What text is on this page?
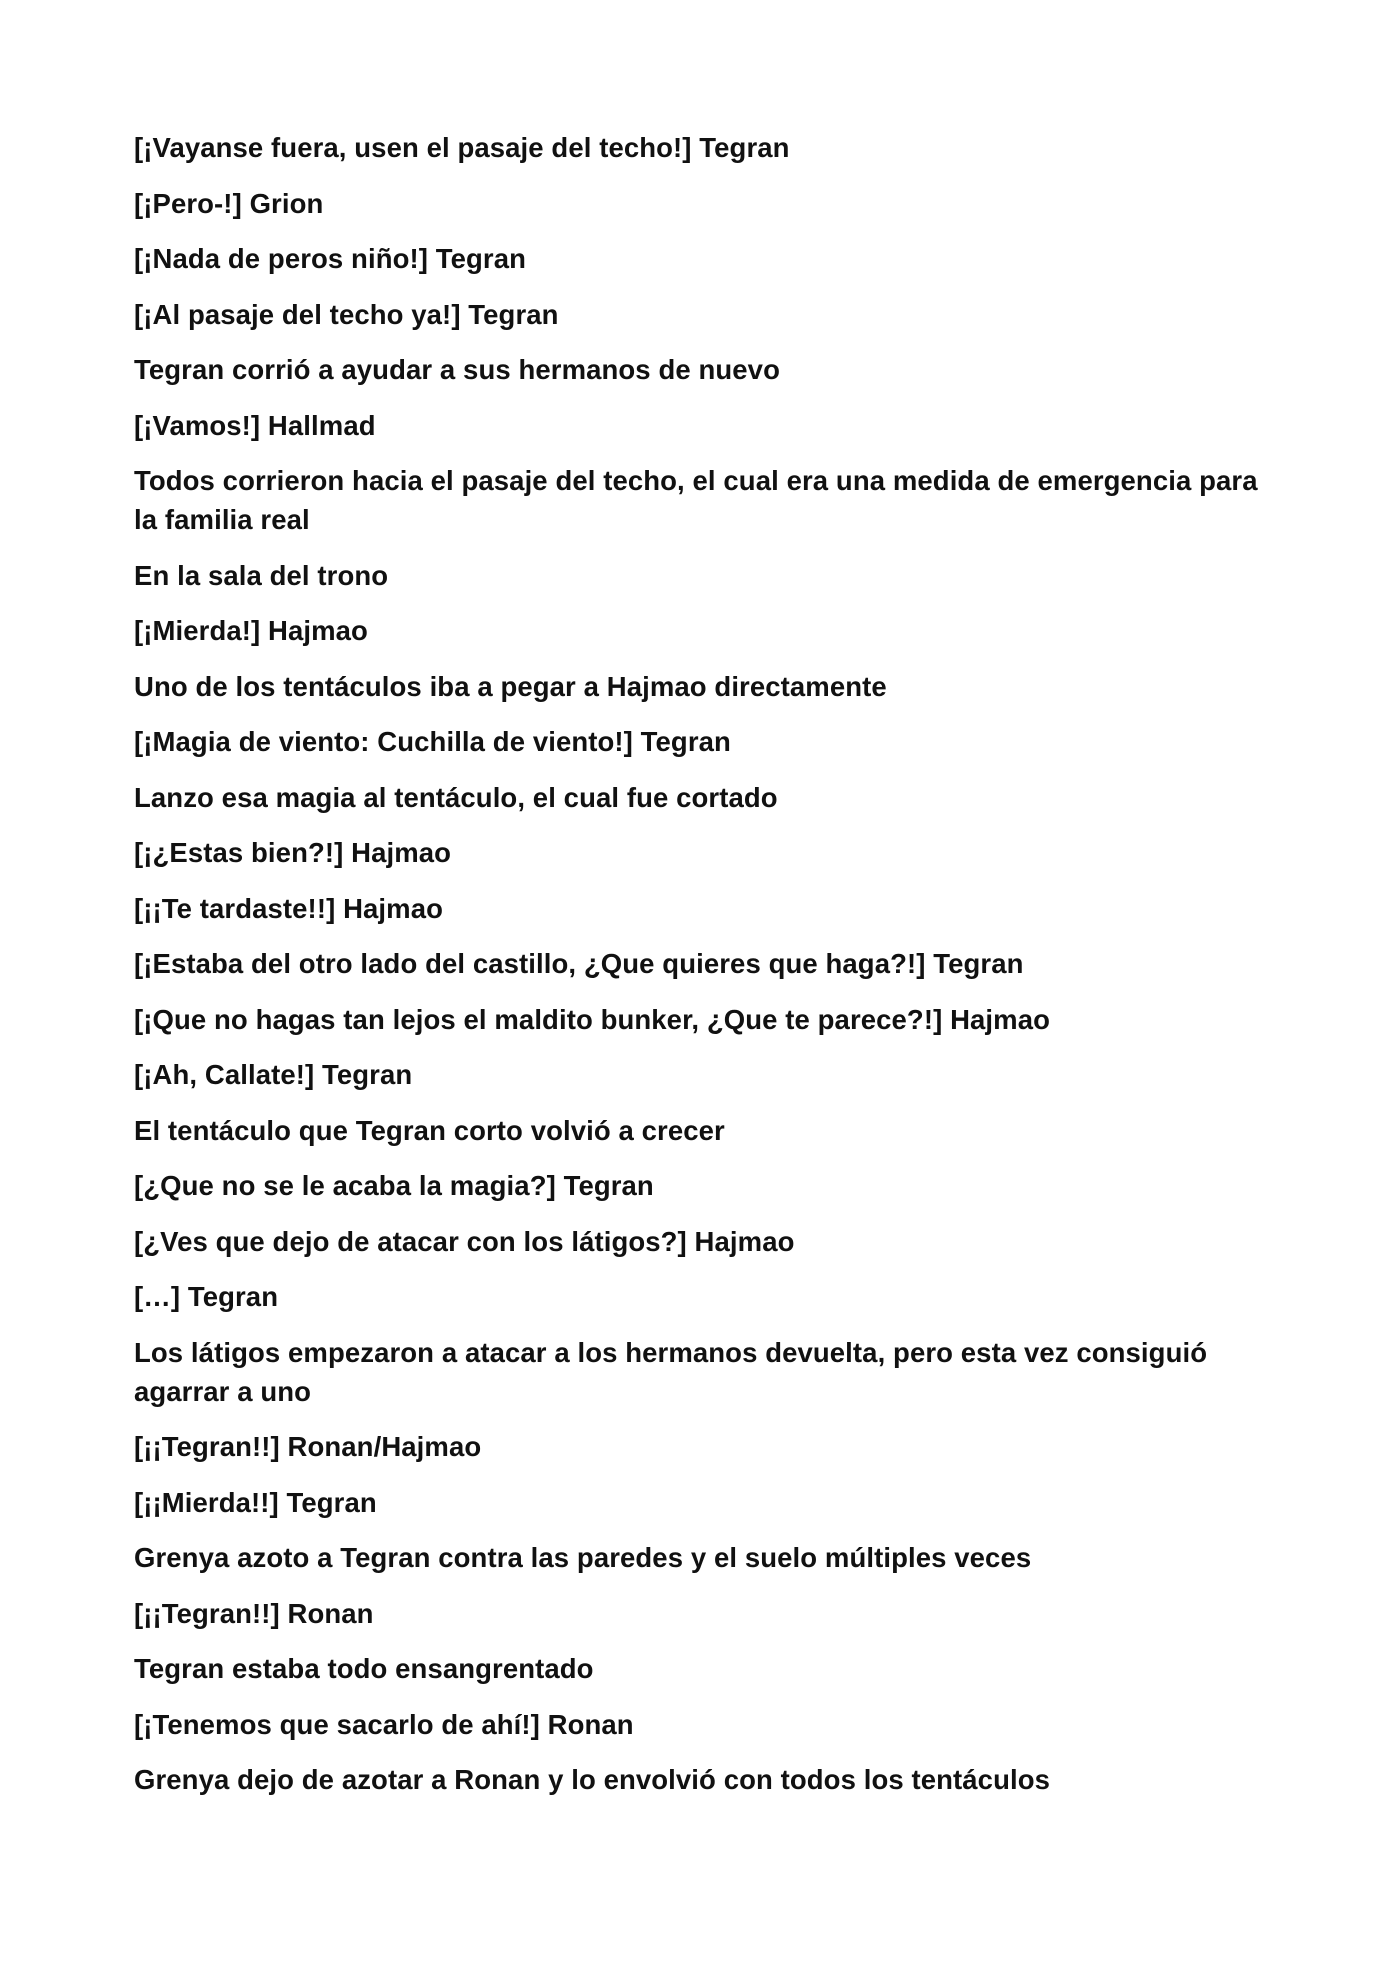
[¡Vayanse fuera, usen el pasaje del techo!] Tegran

[¡Pero-!] Grion

[¡Nada de peros niño!] Tegran

[¡Al pasaje del techo ya!] Tegran

Tegran corrió a ayudar a sus hermanos de nuevo

[¡Vamos!] Hallmad

Todos corrieron hacia el pasaje del techo, el cual era una medida de emergencia para la familia real

En la sala del trono

[¡Mierda!] Hajmao

Uno de los tentáculos iba a pegar a Hajmao directamente

[¡Magia de viento: Cuchilla de viento!] Tegran

Lanzo esa magia al tentáculo, el cual fue cortado

[¡¿Estas bien?!] Hajmao

[¡¡Te tardaste!!] Hajmao

[¡Estaba del otro lado del castillo, ¿Que quieres que haga?!] Tegran

[¡Que no hagas tan lejos el maldito bunker, ¿Que te parece?!] Hajmao

[¡Ah, Callate!] Tegran

El tentáculo que Tegran corto volvió a crecer

[¿Que no se le acaba la magia?] Tegran

[¿Ves que dejo de atacar con los látigos?] Hajmao

[…] Tegran

Los látigos empezaron a atacar a los hermanos devuelta, pero esta vez consiguió agarrar a uno

[¡¡Tegran!!] Ronan/Hajmao

[¡¡Mierda!!] Tegran

Grenya azoto a Tegran contra las paredes y el suelo múltiples veces

[¡¡Tegran!!] Ronan

Tegran estaba todo ensangrentado

[¡Tenemos que sacarlo de ahí!] Ronan

Grenya dejo de azotar a Ronan y lo envolvió con todos los tentáculos
